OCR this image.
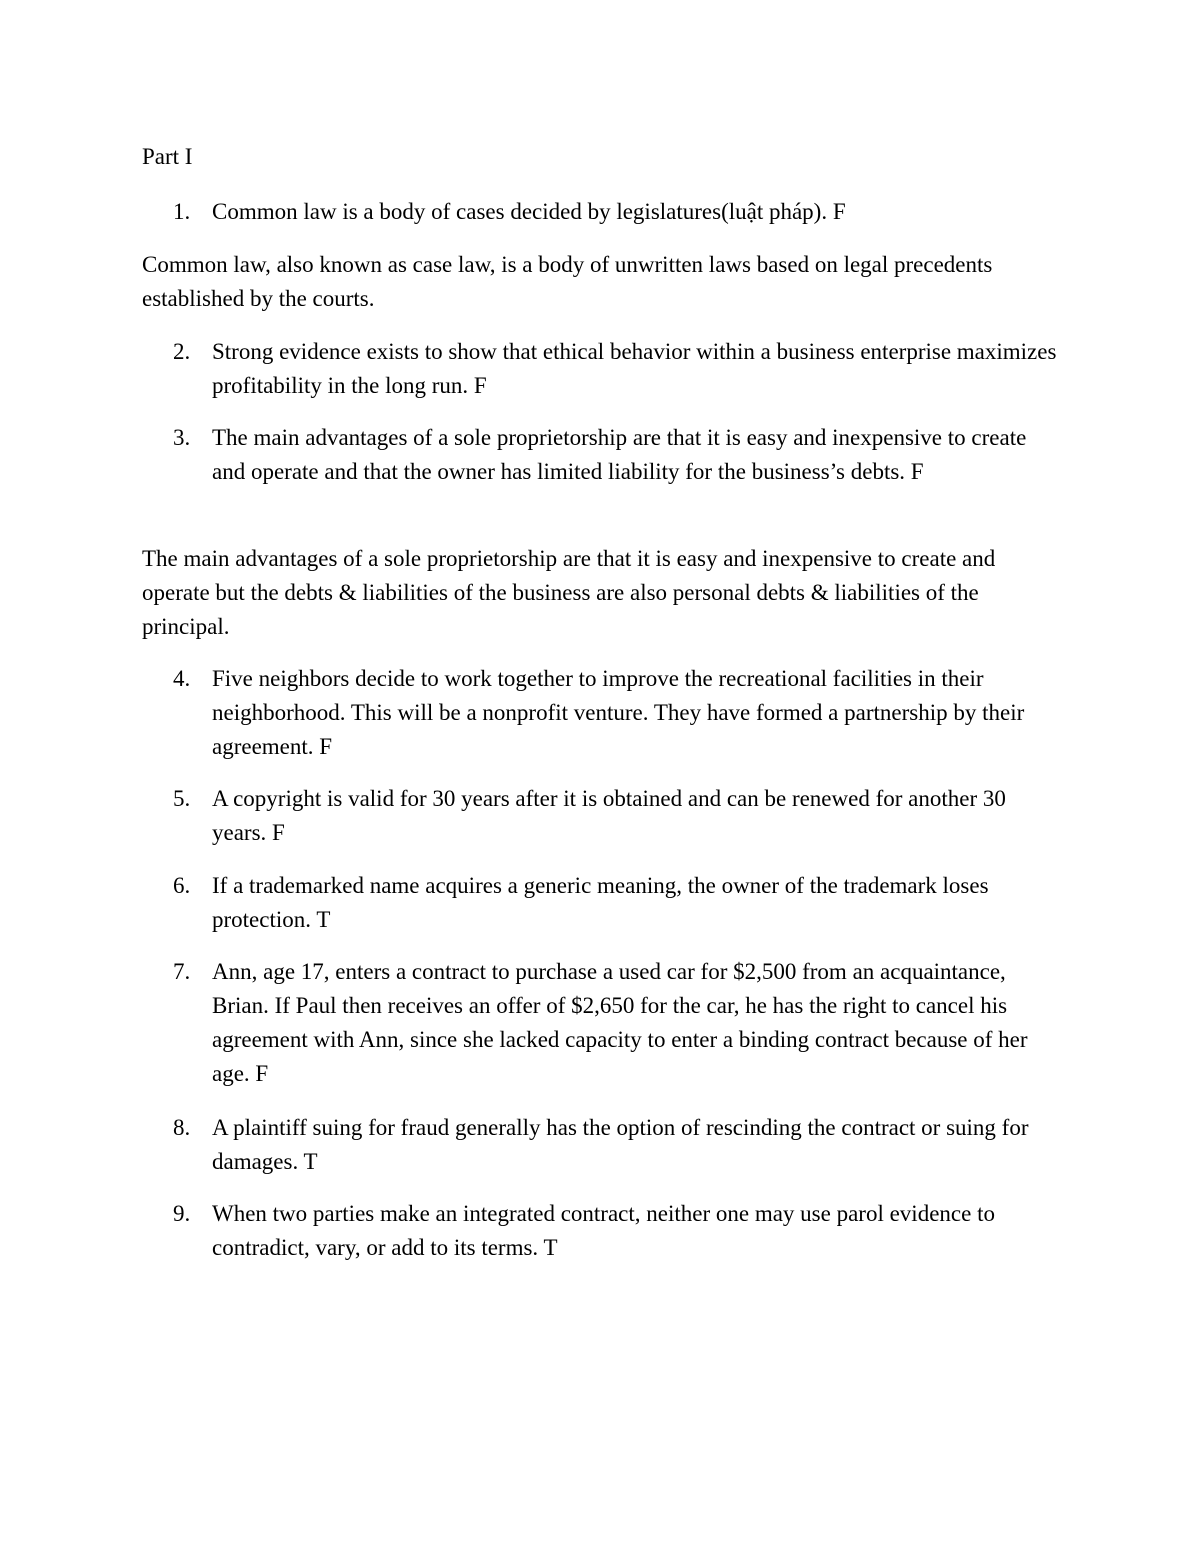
Part I

1. Common law is a body of cases decided by legislatures(luật pháp). F

Common law, also known as case law, is a body of unwritten laws based on legal precedents established by the courts.

2. Strong evidence exists to show that ethical behavior within a business enterprise maximizes profitability in the long run. F
3. The main advantages of a sole proprietorship are that it is easy and inexpensive to create and operate and that the owner has limited liability for the business’s debts. F

The main advantages of a sole proprietorship are that it is easy and inexpensive to create and operate but the debts & liabilities of the business are also personal debts & liabilities of the principal.

4. Five neighbors decide to work together to improve the recreational facilities in their neighborhood. This will be a nonprofit venture. They have formed a partnership by their agreement. F
5. A copyright is valid for 30 years after it is obtained and can be renewed for another 30 years. F
6. If a trademarked name acquires a generic meaning, the owner of the trademark loses protection. T
7. Ann, age 17, enters a contract to purchase a used car for $2,500 from an acquaintance, Brian. If Paul then receives an offer of $2,650 for the car, he has the right to cancel his agreement with Ann, since she lacked capacity to enter a binding contract because of her age. F
8. A plaintiff suing for fraud generally has the option of rescinding the contract or suing for damages. T
9. When two parties make an integrated contract, neither one may use parol evidence to contradict, vary, or add to its terms. T
